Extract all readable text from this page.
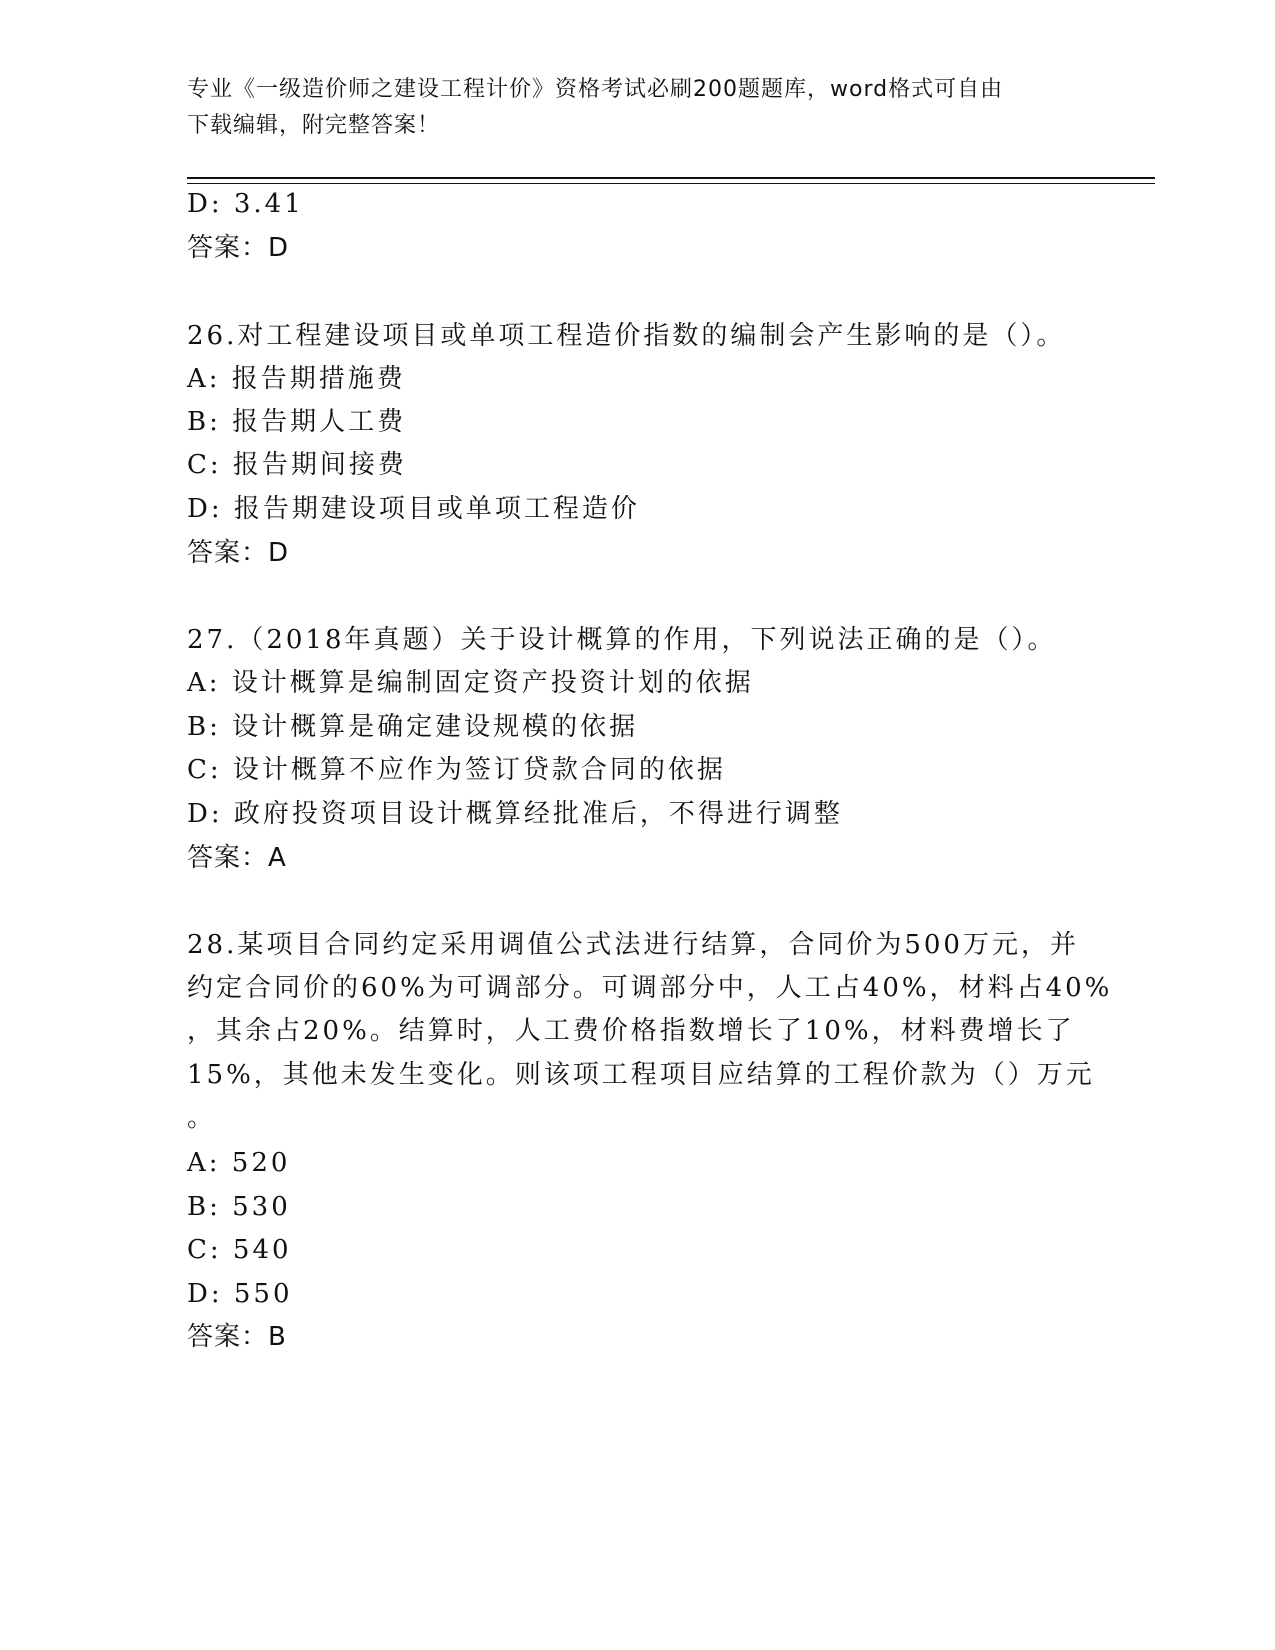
专业《一级造价师之建设工程计价》资格考试必刷200题题库，word格式可自由
下载编辑，附完整答案！
D: 3.41
答案：D
26.对工程建设项目或单项工程造价指数的编制会产生影响的是（）。
A: 报告期措施费
B: 报告期人工费
C: 报告期间接费
D: 报告期建设项目或单项工程造价
答案：D
27.（2018年真题）关于设计概算的作用，下列说法正确的是（）。
A: 设计概算是编制固定资产投资计划的依据
B: 设计概算是确定建设规模的依据
C: 设计概算不应作为签订贷款合同的依据
D: 政府投资项目设计概算经批准后，不得进行调整
答案：A
28.某项目合同约定采用调值公式法进行结算，合同价为500万元，并
约定合同价的60%为可调部分。可调部分中，人工占40%，材料占40%
，其余占20%。结算时，人工费价格指数增长了10%，材料费增长了
15%，其他未发生变化。则该项工程项目应结算的工程价款为（）万元
。
A: 520
B: 530
C: 540
D: 550
答案：B
